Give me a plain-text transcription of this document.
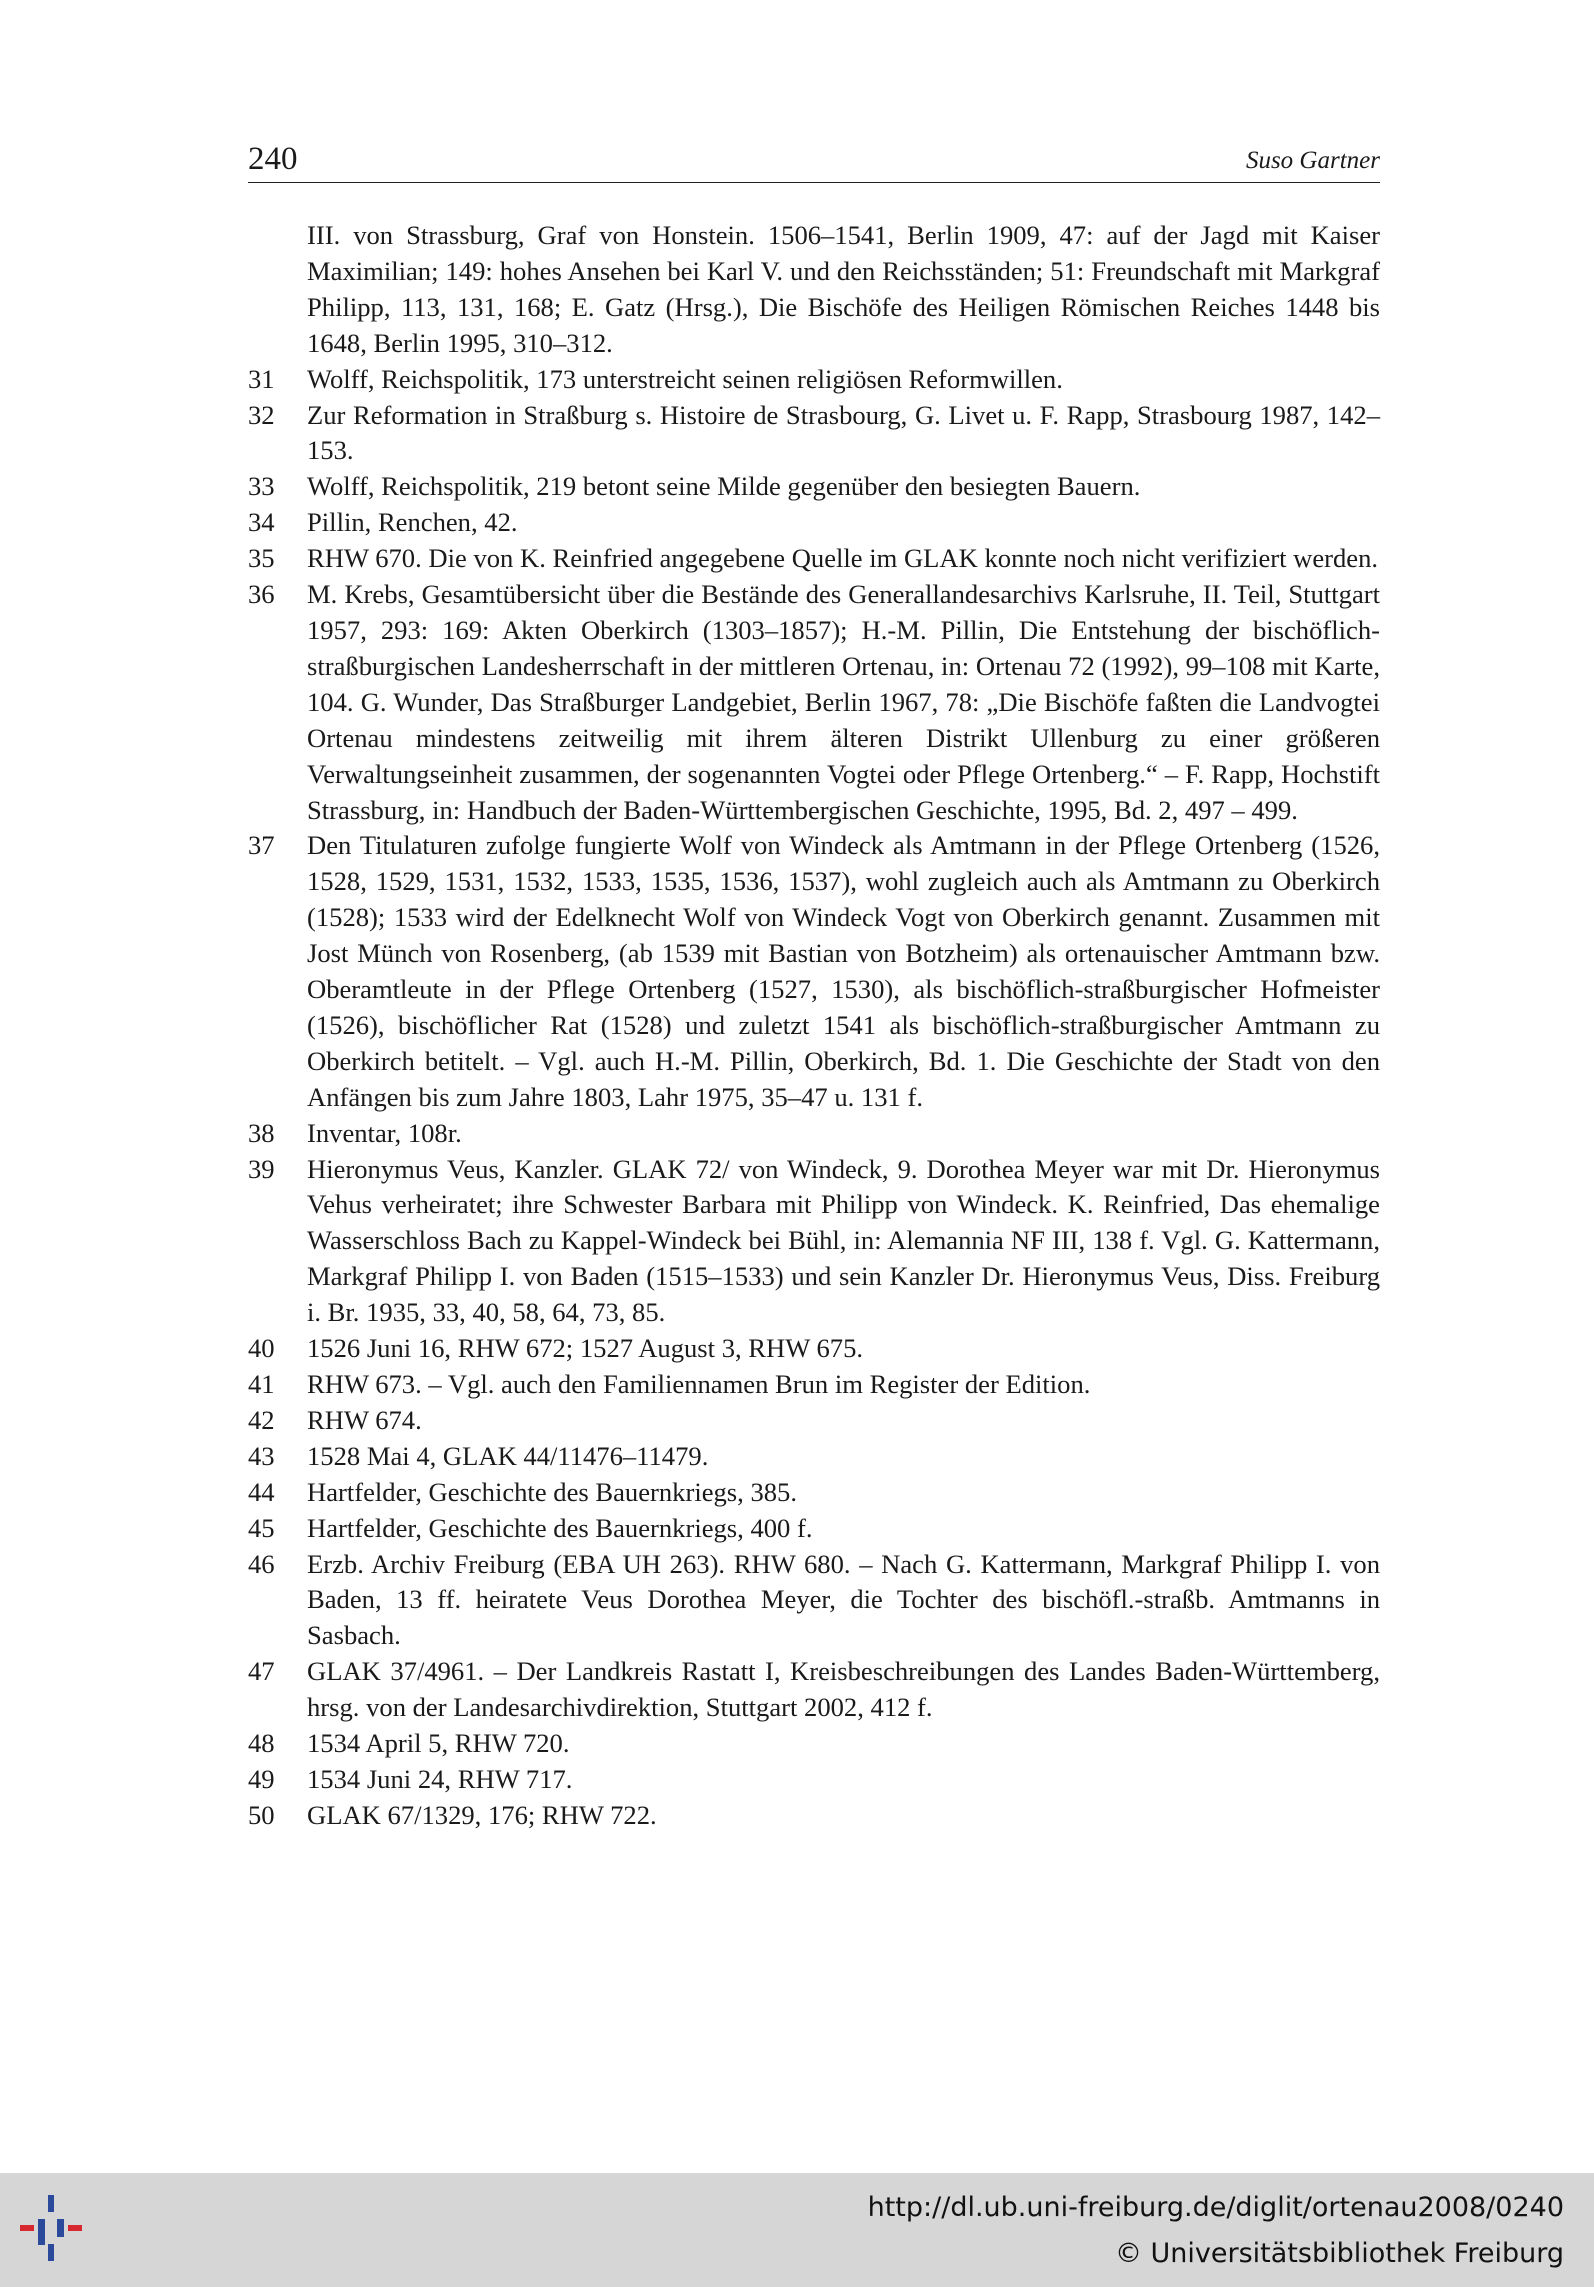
240	Suso Gartner
III. von Strassburg, Graf von Honstein. 1506–1541, Berlin 1909, 47: auf der Jagd mit Kaiser Maximilian; 149: hohes Ansehen bei Karl V. und den Reichsständen; 51: Freundschaft mit Markgraf Philipp, 113, 131, 168; E. Gatz (Hrsg.), Die Bischöfe des Heiligen Römischen Reiches 1448 bis 1648, Berlin 1995, 310–312.
31	Wolff, Reichspolitik, 173 unterstreicht seinen religiösen Reformwillen.
32	Zur Reformation in Straßburg s. Histoire de Strasbourg, G. Livet u. F. Rapp, Strasbourg 1987, 142–153.
33	Wolff, Reichspolitik, 219 betont seine Milde gegenüber den besiegten Bauern.
34	Pillin, Renchen, 42.
35	RHW 670. Die von K. Reinfried angegebene Quelle im GLAK konnte noch nicht verifiziert werden.
36	M. Krebs, Gesamtübersicht über die Bestände des Generallandesarchivs Karlsruhe, II. Teil, Stuttgart 1957, 293: 169: Akten Oberkirch (1303–1857); H.-M. Pillin, Die Entstehung der bischöflich-straßburgischen Landesherrschaft in der mittleren Ortenau, in: Ortenau 72 (1992), 99–108 mit Karte, 104. G. Wunder, Das Straßburger Landgebiet, Berlin 1967, 78: „Die Bischöfe faßten die Landvogtei Ortenau mindestens zeitweilig mit ihrem älteren Distrikt Ullenburg zu einer größeren Verwaltungseinheit zusammen, der sogenannten Vogtei oder Pflege Ortenberg.“ – F. Rapp, Hochstift Strassburg, in: Handbuch der Baden-Württembergischen Geschichte, 1995, Bd. 2, 497 – 499.
37	Den Titulaturen zufolge fungierte Wolf von Windeck als Amtmann in der Pflege Ortenberg (1526, 1528, 1529, 1531, 1532, 1533, 1535, 1536, 1537), wohl zugleich auch als Amtmann zu Oberkirch (1528); 1533 wird der Edelknecht Wolf von Windeck Vogt von Oberkirch genannt. Zusammen mit Jost Münch von Rosenberg, (ab 1539 mit Bastian von Botzheim) als ortenauischer Amtmann bzw. Oberamtleute in der Pflege Ortenberg (1527, 1530), als bischöflich-straßburgischer Hofmeister (1526), bischöflicher Rat (1528) und zuletzt 1541 als bischöflich-straßburgischer Amtmann zu Oberkirch betitelt. – Vgl. auch H.-M. Pillin, Oberkirch, Bd. 1. Die Geschichte der Stadt von den Anfängen bis zum Jahre 1803, Lahr 1975, 35–47 u. 131 f.
38	Inventar, 108r.
39	Hieronymus Veus, Kanzler. GLAK 72/ von Windeck, 9. Dorothea Meyer war mit Dr. Hieronymus Vehus verheiratet; ihre Schwester Barbara mit Philipp von Windeck. K. Reinfried, Das ehemalige Wasserschloss Bach zu Kappel-Windeck bei Bühl, in: Alemannia NF III, 138 f. Vgl. G. Kattermann, Markgraf Philipp I. von Baden (1515–1533) und sein Kanzler Dr. Hieronymus Veus, Diss. Freiburg i. Br. 1935, 33, 40, 58, 64, 73, 85.
40	1526 Juni 16, RHW 672; 1527 August 3, RHW 675.
41	RHW 673. – Vgl. auch den Familiennamen Brun im Register der Edition.
42	RHW 674.
43	1528 Mai 4, GLAK 44/11476–11479.
44	Hartfelder, Geschichte des Bauernkriegs, 385.
45	Hartfelder, Geschichte des Bauernkriegs, 400 f.
46	Erzb. Archiv Freiburg (EBA UH 263). RHW 680. – Nach G. Kattermann, Markgraf Philipp I. von Baden, 13 ff. heiratete Veus Dorothea Meyer, die Tochter des bischöfl.-straßb. Amtmanns in Sasbach.
47	GLAK 37/4961. – Der Landkreis Rastatt I, Kreisbeschreibungen des Landes Baden-Württemberg, hrsg. von der Landesarchivdirektion, Stuttgart 2002, 412 f.
48	1534 April 5, RHW 720.
49	1534 Juni 24, RHW 717.
50	GLAK 67/1329, 176; RHW 722.
http://dl.ub.uni-freiburg.de/diglit/ortenau2008/0240
© Universitätsbibliothek Freiburg
